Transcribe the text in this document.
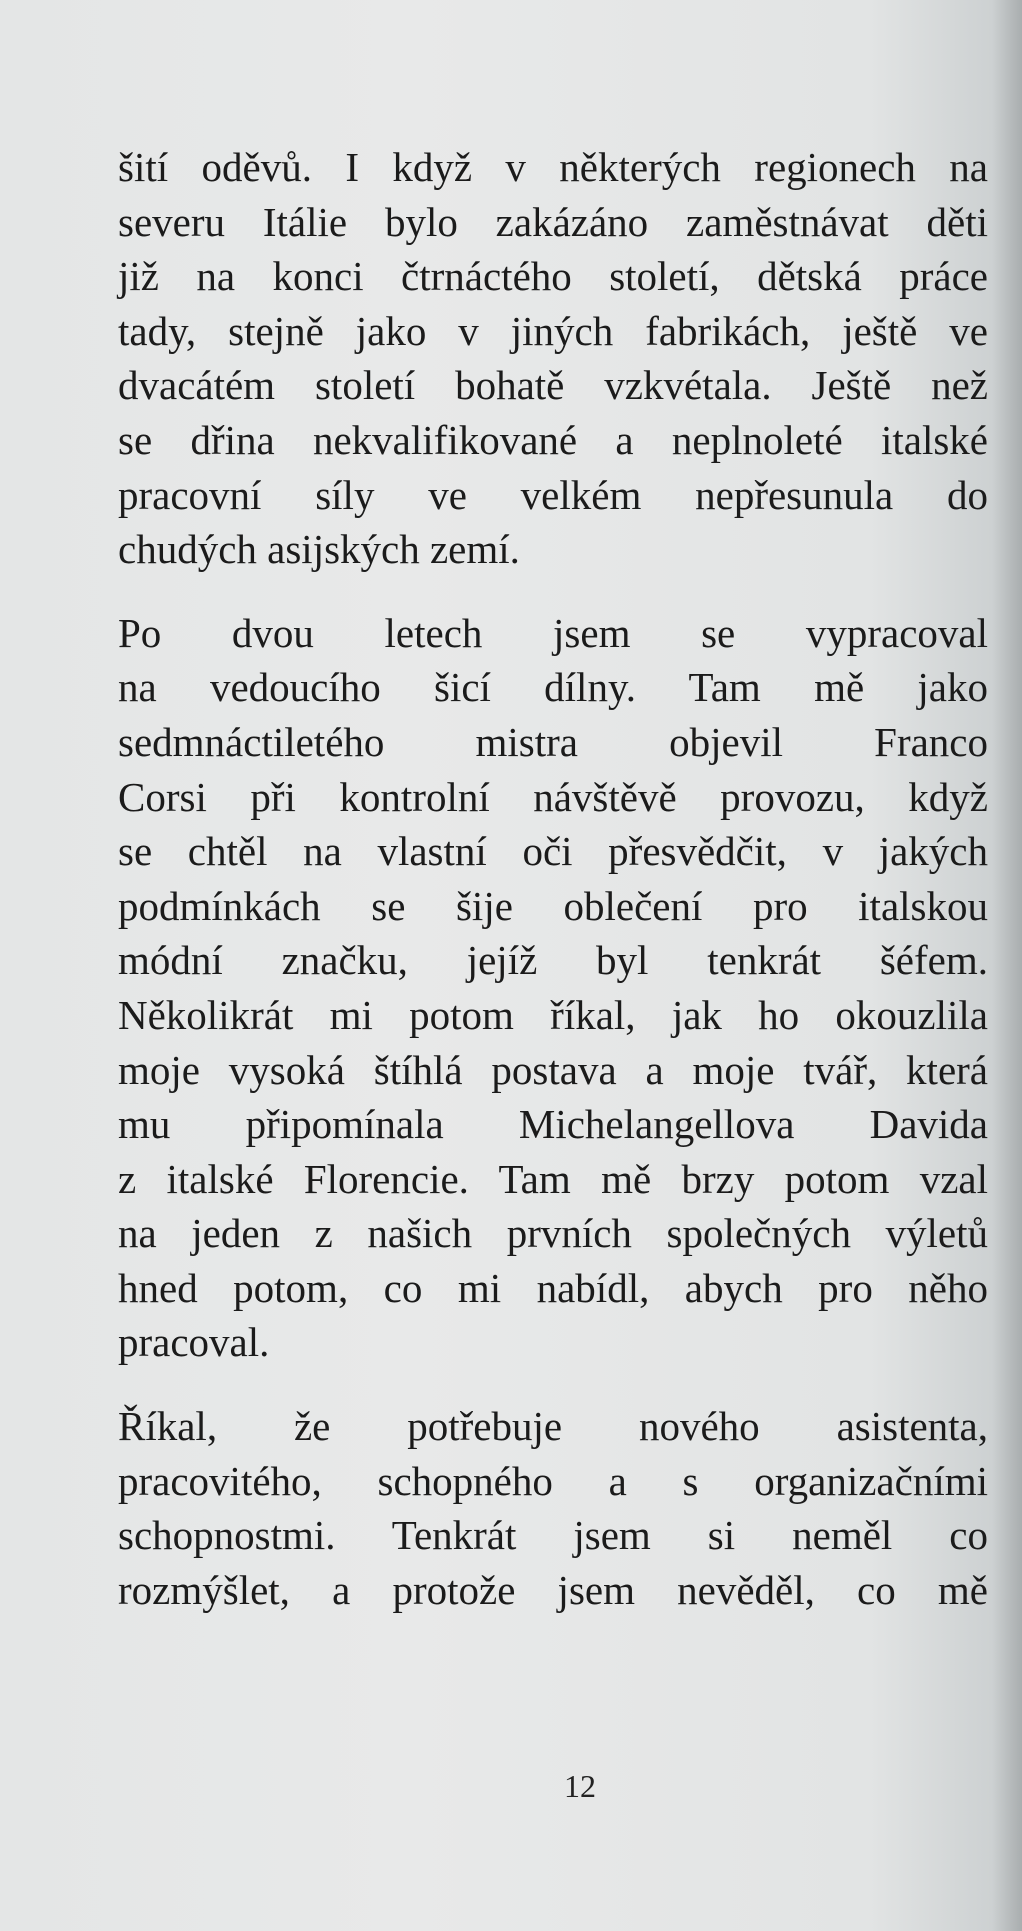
šití oděvů. I když v některých regionech na
severu Itálie bylo zakázáno zaměstnávat děti
již na konci čtrnáctého století, dětská práce
tady, stejně jako v jiných fabrikách, ještě ve
dvacátém století bohatě vzkvétala. Ještě než
se dřina nekvalifikované a neplnoleté italské
pracovní síly ve velkém nepřesunula do
chudých asijských zemí.

Po dvou letech jsem se vypracoval
na vedoucího šicí dílny. Tam mě jako
sedmnáctiletého mistra objevil Franco
Corsi při kontrolní návštěvě provozu, když
se chtěl na vlastní oči přesvědčit, v jakých
podmínkách se šije oblečení pro italskou
módní značku, jejíž byl tenkrát šéfem.
Několikrát mi potom říkal, jak ho okouzlila
moje vysoká štíhlá postava a moje tvář, která
mu připomínala Michelangellova Davida
z italské Florencie. Tam mě brzy potom vzal
na jeden z našich prvních společných výletů
hned potom, co mi nabídl, abych pro něho
pracoval.

Říkal, že potřebuje nového asistenta,
pracovitého, schopného a s organizačními
schopnostmi. Tenkrát jsem si neměl co
rozmýšlet, a protože jsem nevěděl, co mě

12
